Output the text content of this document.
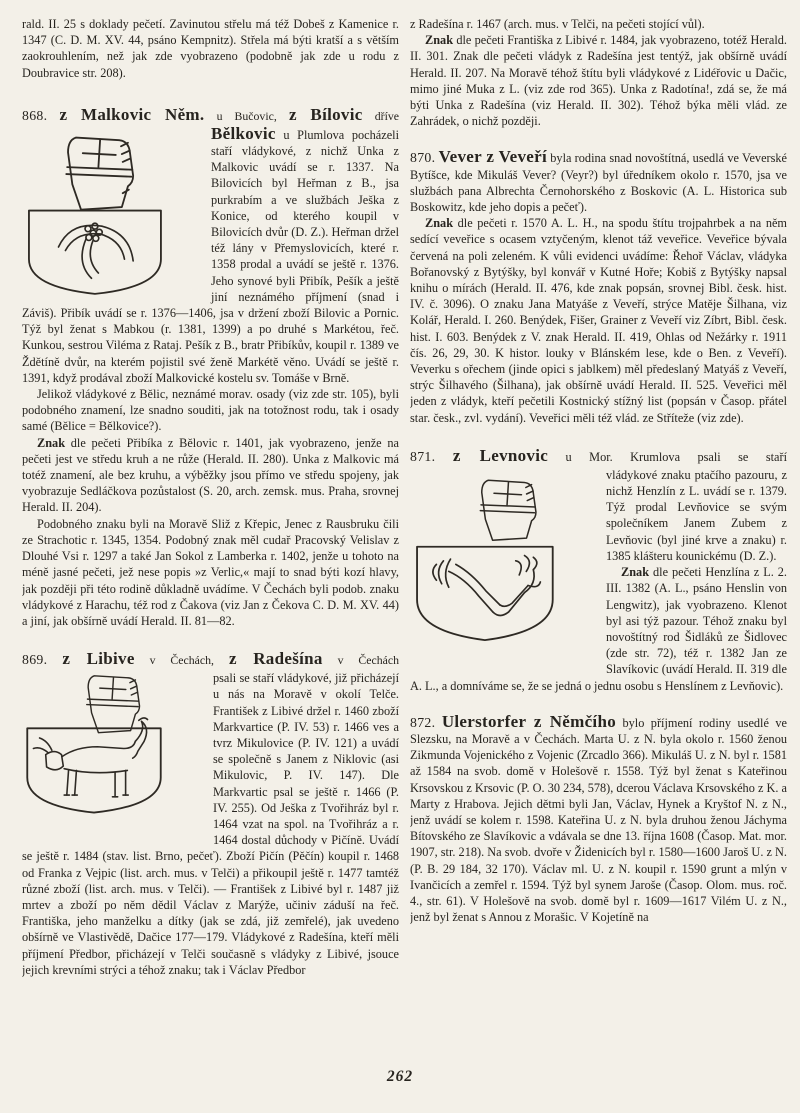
rald. II. 25 s doklady pečetí. Zavinutou střelu má též Dobeš z Kamenice r. 1347 (C. D. M. XV. 44, psáno Kempnitz). Střela má býti kratší a s větším zaokrouhlením, než jak zde vyobrazeno (podobně jak zde u rodu z Doubravice str. 208).

868. z Malkovic Něm. u Bučovic, z Bílovic dříve

Bělkovic u Plumlova pocházeli staří vládykové, z nichž Unka z Malkovic uvádí se r. 1337. Na Bilovicích byl Heřman z B., jsa purkrabím a ve službách Ješka z Konice, od kterého koupil v Bilovicích dvůr (D. Z.). Heřman držel též lány v Přemyslovicích, které r. 1358 prodal a uvádí se ještě r. 1376. Jeho synové byli Přibík, Pešík a ještě jiní neznámého příjmení (snad i Záviš). Přibík uvádí se r. 1376—1406, jsa v držení zboží Bilovic a Pornic. Týž byl ženat s Mabkou (r. 1381, 1399) a po druhé s Markétou, řeč. Kunkou, sestrou Viléma z Rataj. Pešík z B., bratr Přibíkův, koupil r. 1389 ve Ždětíně dvůr, na kterém pojistil své ženě Markétě věno. Uvádí se ještě r. 1391, když prodával zboží Malkovické kostelu sv. Tomáše v Brně.

Jelikož vládykové z Bělic, neznámé morav. osady (viz zde str. 105), byli podobného znamení, lze snadno souditi, jak na totožnost rodu, tak i osady samé (Bělice = Bělkovice?).

Znak dle pečeti Přibíka z Bělovic r. 1401, jak vyobrazeno, jenže na pečeti jest ve středu kruh a ne růže (Herald. II. 280). Unka z Malkovic má totéž znamení, ale bez kruhu, a výběžky jsou přímo ve středu spojeny, jak vyobrazuje Sedláčkova pozůstalost (S. 20, arch. zemsk. mus. Praha, srovnej Herald. II. 204).

Podobného znaku byli na Moravě Sliž z Křepic, Jenec z Rausbruku čili ze Strachotic r. 1345, 1354. Podobný znak měl cudař Pracovský Velislav z Dlouhé Vsi r. 1297 a také Jan Sokol z Lamberka r. 1402, jenže u tohoto na méně jasné pečeti, jež nese popis »z Verlic,« mají to snad býti kozí hlavy, jak později při této rodině důkladně uvádíme. V Čechách byli podob. znaku vládykové z Harachu, též rod z Čakova (viz Jan z Čekova C. D. M. XV. 44) a jiní, jak obšírně uvádí Herald. II. 81—82.

869. z Libive v Čechách, z Radešína v Čechách

psali se staří vládykové, již přicházejí u nás na Moravě v okolí Telče. František z Libivé držel r. 1460 zboží Markvartice (P. IV. 53) r. 1466 ves a tvrz Mikulovice (P. IV. 121) a uvádí se společně s Janem z Niklovic (asi Mikulovic, P. IV. 147). Dle Markvartic psal se ještě r. 1466 (P. IV. 255). Od Ješka z Tvořihráz byl r. 1464 vzat na spol. na Tvořihráz a r. 1464 dostal důchody v Pičíně. Uvádí se ještě r. 1484 (stav. list. Brno, pečeť). Zboží Pičín (Pěčín) koupil r. 1468 od Franka z Vejpic (list. arch. mus. v Telči) a přikoupil ještě r. 1477 tamtéž různé zboží (list. arch. mus. v Telči). — František z Libivé byl r. 1487 již mrtev a zboží po něm dědil Václav z Marýže, učiniv záduší na řeč. Františka, jeho manželku a dítky (jak se zdá, již zemřelé), jak uvedeno obšírně ve Vlastivědě, Dačice 177—179. Vládykové z Radešína, kteří měli příjmení Předbor, přicházejí v Telči současně s vládyky z Libivé, jsouce jejich krevními strýci a téhož znaku; tak i Václav Předbor

z Radešína r. 1467 (arch. mus. v Telči, na pečeti stojící vůl).

Znak dle pečeti Františka z Libivé r. 1484, jak vyobrazeno, totéž Herald. II. 301. Znak dle pečeti vládyk z Radešína jest tentýž, jak obšírně uvádí Herald. II. 207. Na Moravě téhož štítu byli vládykové z Lidéřovic u Dačic, mimo jiné Muka z L. (viz zde rod 365). Unka z Radotína!, zdá se, že má býti Unka z Radešína (viz Herald. II. 302). Téhož býka měli vlád. ze Zahrádek, o nichž později.

870. Vever z Veveří byla rodina snad novoštítná, usedlá ve Veverské Bytíšce, kde Mikuláš Vever? (Veyr?) byl úředníkem okolo r. 1570, jsa ve službách pana Albrechta Černohorského z Boskovic (A. L. Historica sub Boskowitz, kde jeho dopis a pečeť).

Znak dle pečeti r. 1570 A. L. H., na spodu štítu trojpahrbek a na něm sedící veveřice s ocasem vztyčeným, klenot táž veveřice. Veveřice bývala červená na poli zeleném. K vůli evidenci uvádíme: Řehoř Václav, vládyka Bořanovský z Bytýšky, byl konvář v Kutné Hoře; Kobiš z Bytýšky napsal knihu o mírách (Herald. II. 476, kde znak popsán, srovnej Bibl. česk. hist. IV. č. 3096). O znaku Jana Matyáše z Veveří, strýce Matěje Šilhana, viz Kolář, Herald. I. 260. Benýdek, Fišer, Grainer z Veveří viz Zíbrt, Bibl. česk. hist. I. 603. Benýdek z V. znak Herald. II. 419, Ohlas od Nežárky r. 1911 čís. 26, 29, 30. K histor. louky v Blánském lese, kde o Ben. z Veveří). Veverku s ořechem (jinde opici s jablkem) měl předeslaný Matyáš z Veveří, strýc Šilhavého (Šilhana), jak obšírně uvádí Herald. II. 525. Veveřici měl jeden z vládyk, kteří pečetili Kostnický stížný list (popsán v Časop. přátel star. česk., zvl. vydání). Veveřici měli též vlád. ze Stříteže (viz zde).

871. z Levnovic u Mor. Krumlova psali se staří

vládykové znaku ptačího pazouru, z nichž Henzlín z L. uvádí se r. 1379. Týž prodal Levňovice se svým společníkem Janem Zubem z Levňovic (byl jiné krve a znaku) r. 1385 klášteru kounickému (D. Z.).

Znak dle pečeti Henzlína z L. 2. III. 1382 (A. L., psáno Henslin von Lengwitz), jak vyobrazeno. Klenot byl asi týž pazour. Téhož znaku byl novoštítný rod Šidláků ze Šidlovec (zde str. 72), též r. 1382 Jan ze Slavíkovic (uvádí Herald. II. 319 dle A. L., a domníváme se, že se jedná o jednu osobu s Henslínem z Levňovic).

872. Ulerstorfer z Němčího bylo příjmení rodiny usedlé ve Slezsku, na Moravě a v Čechách. Marta U. z N. byla okolo r. 1560 ženou Zikmunda Vojenického z Vojenic (Zrcadlo 366). Mikuláš U. z N. byl r. 1581 až 1584 na svob. domě v Holešově r. 1558. Týž byl ženat s Kateřinou Krsovskou z Krsovic (P. O. 30 234, 578), dcerou Václava Krsovského z K. a Marty z Hrabova. Jejich dětmi byli Jan, Václav, Hynek a Kryštof N. z N., jenž uvádí se kolem r. 1598. Kateřina U. z N. byla druhou ženou Jáchyma Bítovského ze Slavíkovic a vdávala se dne 13. října 1608 (Časop. Mat. mor. 1907, str. 218). Na svob. dvoře v Židenicích byl r. 1580—1600 Jaroš U. z N. (P. B. 29 184, 32 170). Václav ml. U. z N. koupil r. 1590 grunt a mlýn v Ivančicích a zemřel r. 1594. Týž byl synem Jaroše (Časop. Olom. mus. roč. 4., str. 61). V Holešově na svob. domě byl r. 1609—1617 Vilém U. z N., jenž byl ženat s Annou z Morašic. V Kojetíně na

262
